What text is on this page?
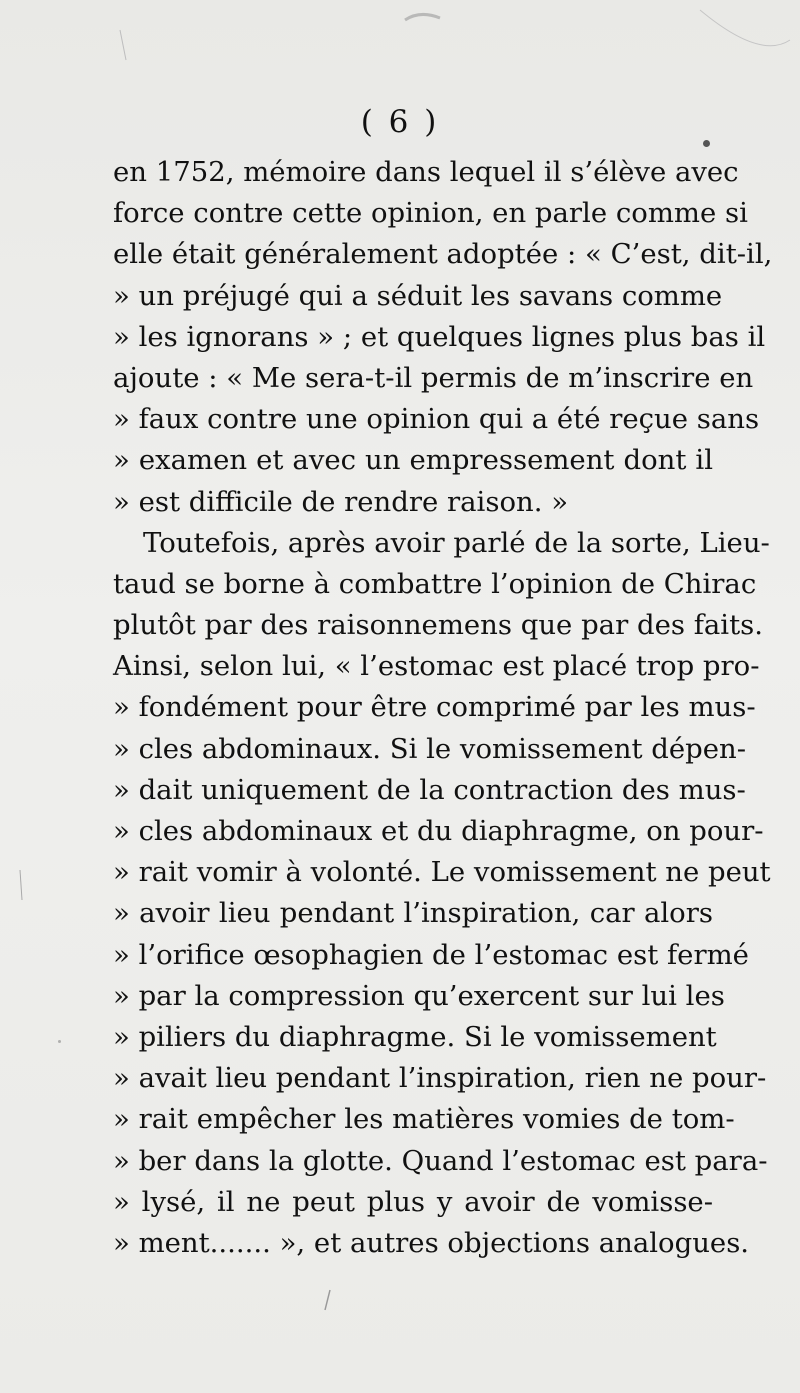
( 6 )
en 1752, mémoire dans lequel il s’élève avec
force contre cette opinion, en parle comme si
elle était généralement adoptée : « C’est, dit-il,
» un préjugé qui a séduit les savans comme
» les ignorans » ; et quelques lignes plus bas il
ajoute : « Me sera-t-il permis de m’inscrire en
» faux contre une opinion qui a été reçue sans
» examen et avec un empressement dont il
» est difficile de rendre raison. »
Toutefois, après avoir parlé de la sorte, Lieu-
taud se borne à combattre l’opinion de Chirac
plutôt par des raisonnemens que par des faits.
Ainsi, selon lui, « l’estomac est placé trop pro-
» fondément pour être comprimé par les mus-
» cles abdominaux. Si le vomissement dépen-
» dait uniquement de la contraction des mus-
» cles abdominaux et du diaphragme, on pour-
» rait vomir à volonté. Le vomissement ne peut
» avoir lieu pendant l’inspiration, car alors
» l’orifice œsophagien de l’estomac est fermé
» par la compression qu’exercent sur lui les
» piliers du diaphragme. Si le vomissement
» avait lieu pendant l’inspiration, rien ne pour-
» rait empêcher les matières vomies de tom-
» ber dans la glotte. Quand l’estomac est para-
» lysé, il ne peut plus y avoir de vomisse-
» ment....... », et autres objections analogues.
